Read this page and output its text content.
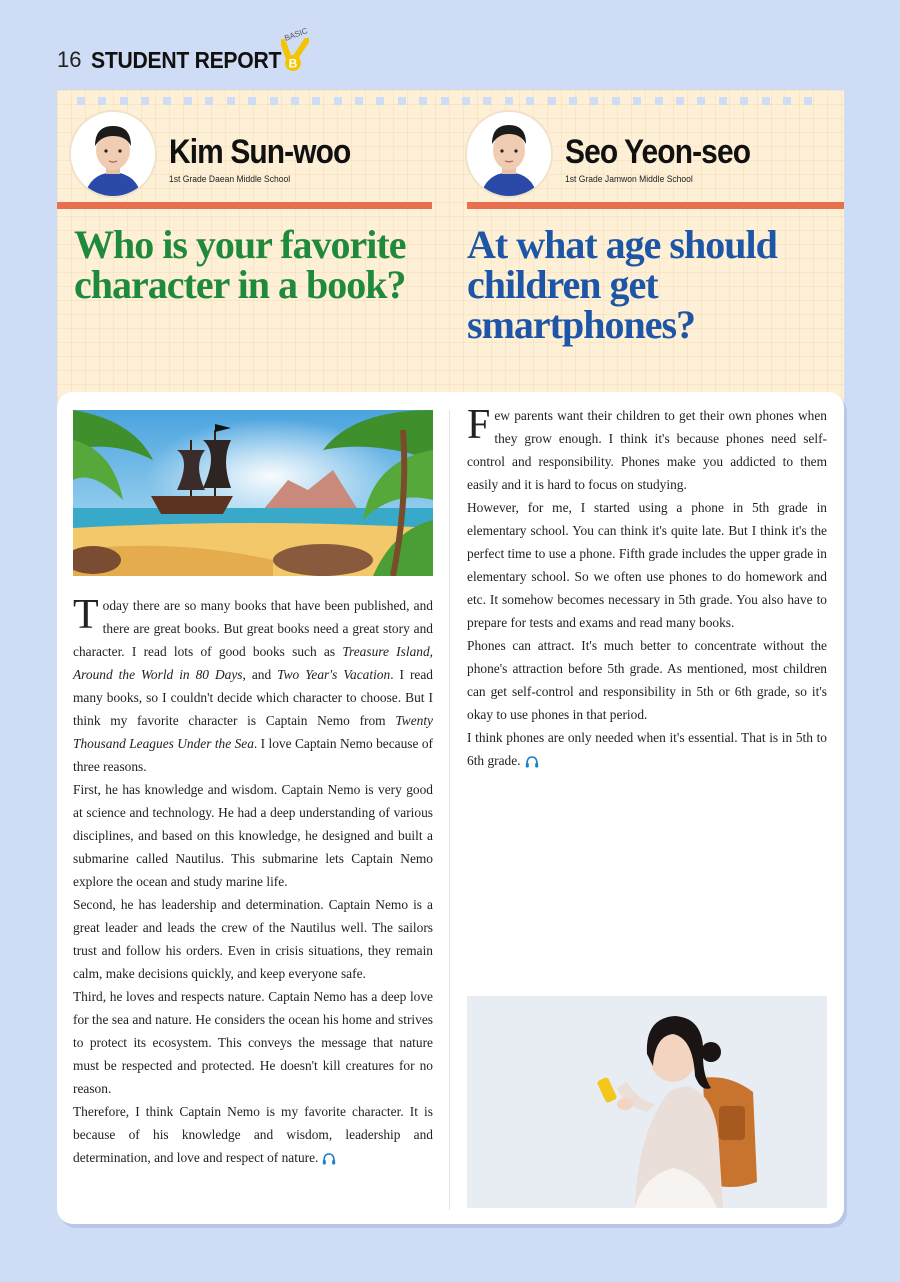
16 STUDENT REPORT
BASIC
B
Kim Sun-woo
1st Grade Daean Middle School
Seo Yeon-seo
1st Grade Jamwon Middle School
Who is your favorite character in a book?
At what age should children get smartphones?

Today there are so many books that have been published, and there are great books. But great books need a great story and character. I read lots of good books such as Treasure Island, Around the World in 80 Days, and Two Year's Vacation. I read many books, so I couldn't decide which character to choose. But I think my favorite character is Captain Nemo from Twenty Thousand Leagues Under the Sea. I love Captain Nemo because of three reasons.

First, he has knowledge and wisdom. Captain Nemo is very good at science and technology. He had a deep understanding of various disciplines, and based on this knowledge, he designed and built a submarine called Nautilus. This submarine lets Captain Nemo explore the ocean and study marine life.

Second, he has leadership and determination. Captain Nemo is a great leader and leads the crew of the Nautilus well. The sailors trust and follow his orders. Even in crisis situations, they remain calm, make decisions quickly, and keep everyone safe.

Third, he loves and respects nature. Captain Nemo has a deep love for the sea and nature. He considers the ocean his home and strives to protect its ecosystem. This conveys the message that nature must be respected and protected. He doesn't kill creatures for no reason.

Therefore, I think Captain Nemo is my favorite character. It is because of his knowledge and wisdom, leadership and determination, and love and respect of nature.

Few parents want their children to get their own phones when they grow enough. I think it's because phones need self-control and responsibility. Phones make you addicted to them easily and it is hard to focus on studying.

However, for me, I started using a phone in 5th grade in elementary school. You can think it's quite late. But I think it's the perfect time to use a phone. Fifth grade includes the upper grade in elementary school. So we often use phones to do homework and etc. It somehow becomes necessary in 5th grade. You also have to prepare for tests and exams and read many books.

Phones can attract. It's much better to concentrate without the phone's attraction before 5th grade. As mentioned, most children can get self-control and responsibility in 5th or 6th grade, so it's okay to use phones in that period.

I think phones are only needed when it's essential. That is in 5th to 6th grade.
